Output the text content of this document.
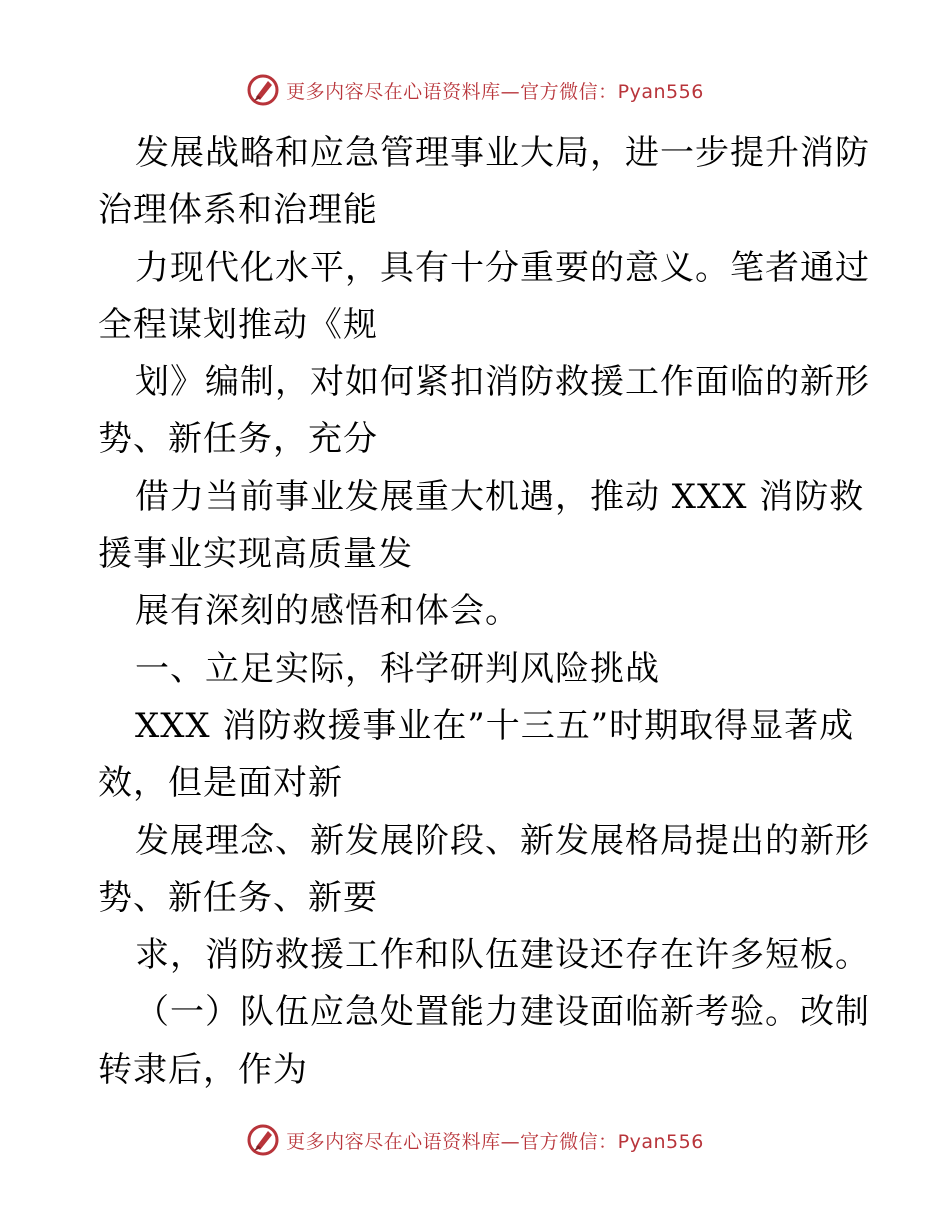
更多内容尽在心语资料库—官方微信：Pyan556
发展战略和应急管理事业大局，进一步提升消防
治理体系和治理能
力现代化水平，具有十分重要的意义。笔者通过
全程谋划推动《规
划》编制，对如何紧扣消防救援工作面临的新形
势、新任务，充分
借力当前事业发展重大机遇，推动 XXX 消防救
援事业实现高质量发
展有深刻的感悟和体会。
一、立足实际，科学研判风险挑战
XXX 消防救援事业在”十三五”时期取得显著成
效，但是面对新
发展理念、新发展阶段、新发展格局提出的新形
势、新任务、新要
求，消防救援工作和队伍建设还存在许多短板。
（一）队伍应急处置能力建设面临新考验。改制
转隶后，作为
更多内容尽在心语资料库—官方微信：Pyan556
